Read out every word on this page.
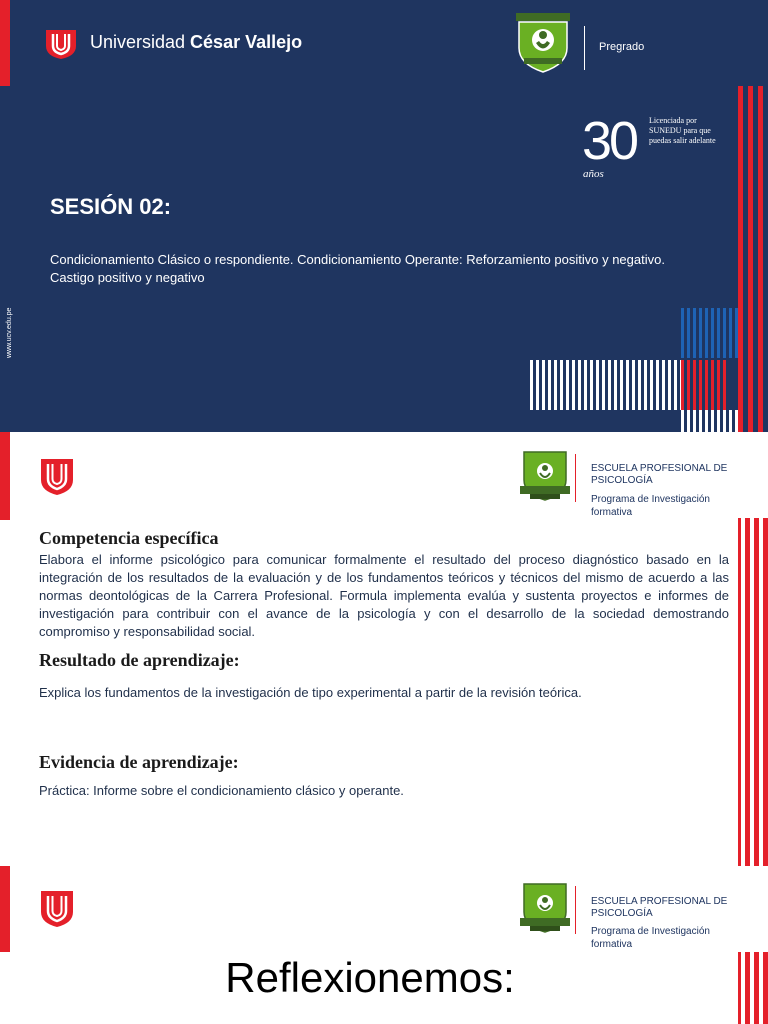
Universidad César Vallejo	Pregrado
30
años
Licenciada por SUNEDU para que puedas salir adelante
SESIÓN 02:
Condicionamiento Clásico o respondiente. Condicionamiento Operante: Reforzamiento positivo y negativo. Castigo positivo y negativo
www.ucv.edu.pe
ESCUELA PROFESIONAL DE PSICOLOGÍA
Programa de Investigación formativa
Competencia específica
Elabora el informe psicológico para comunicar formalmente el resultado del proceso diagnóstico basado en la integración de los resultados de la evaluación y de los fundamentos teóricos y técnicos del mismo de acuerdo a las normas deontológicas de la Carrera Profesional. Formula implementa evalúa y sustenta proyectos e informes de investigación para contribuir con el avance de la psicología y con el desarrollo de la sociedad demostrando compromiso y responsabilidad social.
Resultado de aprendizaje:
Explica los fundamentos de la investigación de tipo experimental a partir de la revisión teórica.
Evidencia de aprendizaje:
Práctica: Informe sobre el condicionamiento clásico y operante.
ESCUELA PROFESIONAL DE PSICOLOGÍA
Programa de Investigación formativa
Reflexionemos:
